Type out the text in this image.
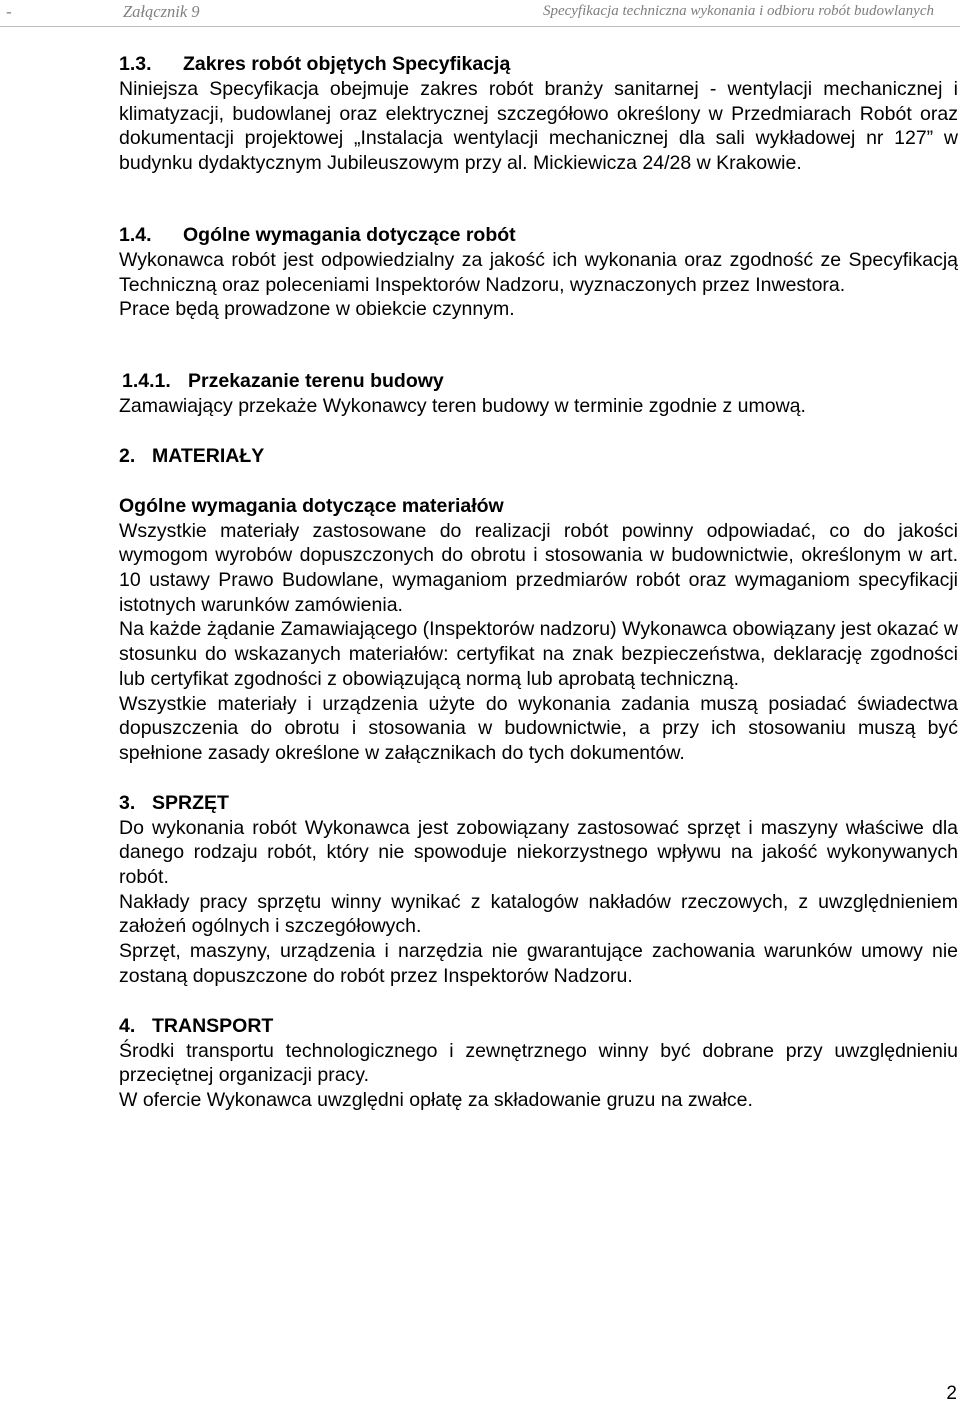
-	Załącznik 9	Specyfikacja techniczna wykonania i odbioru robót budowlanych
1.3. Zakres robót objętych Specyfikacją

Niniejsza Specyfikacja obejmuje zakres robót branży sanitarnej - wentylacji mechanicznej i klimatyzacji, budowlanej oraz elektrycznej szczegółowo określony w Przedmiarach Robót oraz dokumentacji projektowej „Instalacja wentylacji mechanicznej dla sali wykładowej nr 127” w budynku dydaktycznym Jubileuszowym przy al. Mickiewicza 24/28 w Krakowie.

1.4. Ogólne wymagania dotyczące robót

Wykonawca robót jest odpowiedzialny za jakość ich wykonania oraz zgodność ze Specyfikacją Techniczną oraz poleceniami Inspektorów Nadzoru, wyznaczonych przez Inwestora.

Prace będą prowadzone w obiekcie czynnym.

1.4.1. Przekazanie terenu budowy

Zamawiający przekaże Wykonawcy teren budowy w terminie zgodnie z umową.

2. MATERIAŁY
Ogólne wymagania dotyczące materiałów

Wszystkie materiały zastosowane do realizacji robót powinny odpowiadać, co do jakości wymogom wyrobów dopuszczonych do obrotu i stosowania w budownictwie, określonym w art. 10 ustawy Prawo Budowlane, wymaganiom przedmiarów robót oraz wymaganiom specyfikacji istotnych warunków zamówienia.

Na każde żądanie Zamawiającego (Inspektorów nadzoru) Wykonawca obowiązany jest okazać w stosunku do wskazanych materiałów: certyfikat na znak bezpieczeństwa, deklarację zgodności lub certyfikat zgodności z obowiązującą normą lub aprobatą techniczną.

Wszystkie materiały i urządzenia użyte do wykonania zadania muszą posiadać świadectwa dopuszczenia do obrotu i stosowania w budownictwie, a przy ich stosowaniu muszą być spełnione zasady określone w załącznikach do tych dokumentów.

3. SPRZĘT

Do wykonania robót Wykonawca jest zobowiązany zastosować sprzęt i maszyny właściwe dla danego rodzaju robót, który nie spowoduje niekorzystnego wpływu na jakość wykonywanych robót.

Nakłady pracy sprzętu winny wynikać z katalogów nakładów rzeczowych, z uwzględnieniem założeń ogólnych i szczegółowych.

Sprzęt, maszyny, urządzenia i narzędzia nie gwarantujące zachowania warunków umowy nie zostaną dopuszczone do robót przez Inspektorów Nadzoru.

4. TRANSPORT

Środki transportu technologicznego i zewnętrznego winny być dobrane przy uwzględnieniu przeciętnej organizacji pracy.

W ofercie Wykonawca uwzględni opłatę za składowanie gruzu na zwałce.

2
